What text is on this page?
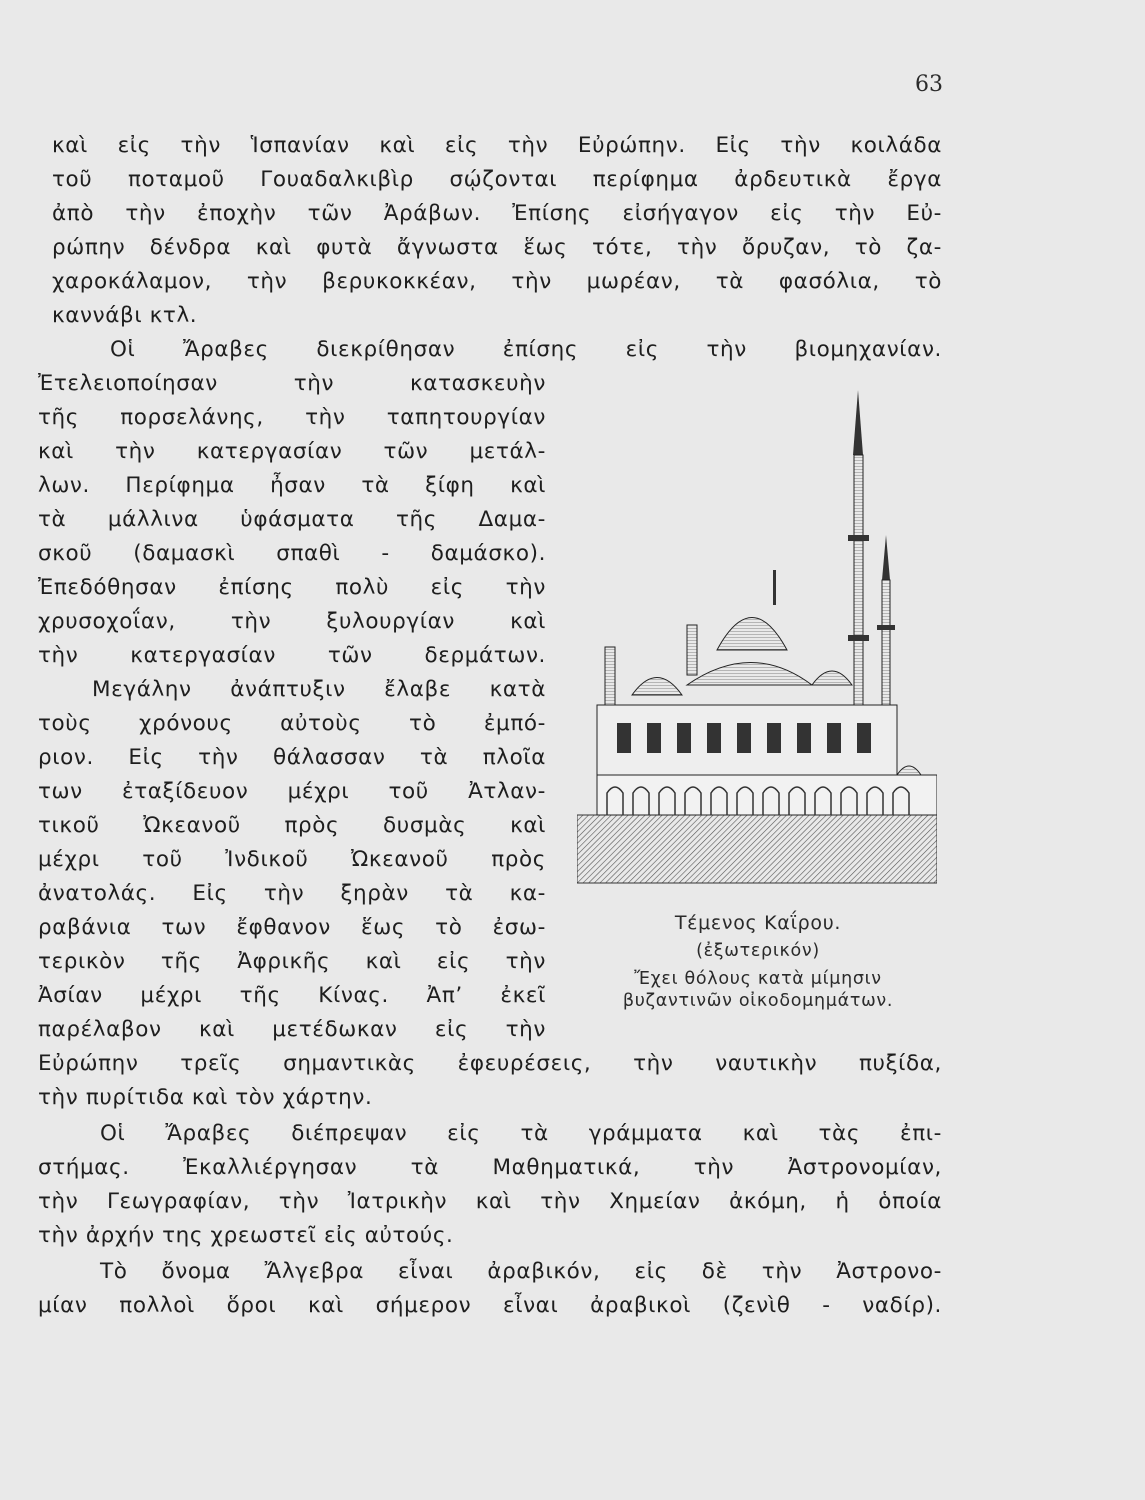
63
καὶ εἰς τὴν Ἱσπανίαν καὶ εἰς τὴν Εὐρώπην. Εἰς τὴν κοιλάδα
τοῦ ποταμοῦ Γουαδαλκιβὶρ σῴζονται περίφημα ἀρδευτικὰ ἔργα
ἀπὸ τὴν ἐποχὴν τῶν Ἀράβων. Ἐπίσης εἰσήγαγον εἰς τὴν Εὐ-
ρώπην δένδρα καὶ φυτὰ ἄγνωστα ἕως τότε, τὴν ὄρυζαν, τὸ ζα-
χαροκάλαμον, τὴν βερυκοκκέαν, τὴν μωρέαν, τὰ φασόλια, τὸ
καννάβι κτλ.
Οἱ Ἄραβες διεκρίθησαν ἐπίσης εἰς τὴν βιομηχανίαν.
Ἐτελειοποίησαν τὴν κατασκευὴν
τῆς πορσελάνης, τὴν ταπητουργίαν
καὶ τὴν κατεργασίαν τῶν μετάλ-
λων. Περίφημα ἦσαν τὰ ξίφη καὶ
τὰ μάλλινα ὑφάσματα τῆς Δαμα-
σκοῦ (δαμασκὶ σπαθὶ - δαμάσκο).
Ἐπεδόθησαν ἐπίσης πολὺ εἰς τὴν
χρυσοχοΐαν, τὴν ξυλουργίαν καὶ
τὴν κατεργασίαν τῶν δερμάτων.
Μεγάλην ἀνάπτυξιν ἔλαβε κατὰ
τοὺς χρόνους αὐτοὺς τὸ ἐμπό-
ριον. Εἰς τὴν θάλασσαν τὰ πλοῖα
των ἐταξίδευον μέχρι τοῦ Ἀτλαν-
τικοῦ Ὠκεανοῦ πρὸς δυσμὰς καὶ
μέχρι τοῦ Ἰνδικοῦ Ὠκεανοῦ πρὸς
ἀνατολάς. Εἰς τὴν ξηρὰν τὰ κα-
ραβάνια των ἔφθανον ἕως τὸ ἐσω-
τερικὸν τῆς Ἀφρικῆς καὶ εἰς τὴν
Ἀσίαν μέχρι τῆς Κίνας. Ἀπ’ ἐκεῖ
παρέλαβον καὶ μετέδωκαν εἰς τὴν
Εὐρώπην τρεῖς σημαντικὰς ἐφευρέσεις, τὴν ναυτικὴν πυξίδα,
τὴν πυρίτιδα καὶ τὸν χάρτην.
Οἱ Ἄραβες διέπρεψαν εἰς τὰ γράμματα καὶ τὰς ἐπι-
στήμας. Ἐκαλλιέργησαν τὰ Μαθηματικά, τὴν Ἀστρονομίαν,
τὴν Γεωγραφίαν, τὴν Ἰατρικὴν καὶ τὴν Χημείαν ἀκόμη, ἡ ὁποία
τὴν ἀρχήν της χρεωστεῖ εἰς αὐτούς.
Τὸ ὄνομα Ἄλγεβρα εἶναι ἀραβικόν, εἰς δὲ τὴν Ἀστρονο-
μίαν πολλοὶ ὅροι καὶ σήμερον εἶναι ἀραβικοὶ (ζενὶθ - ναδίρ).
Τέμενος Καΐρου.
(ἐξωτερικόν)
Ἔχει θόλους κατὰ μίμησιν
βυζαντινῶν οἰκοδομημάτων.
